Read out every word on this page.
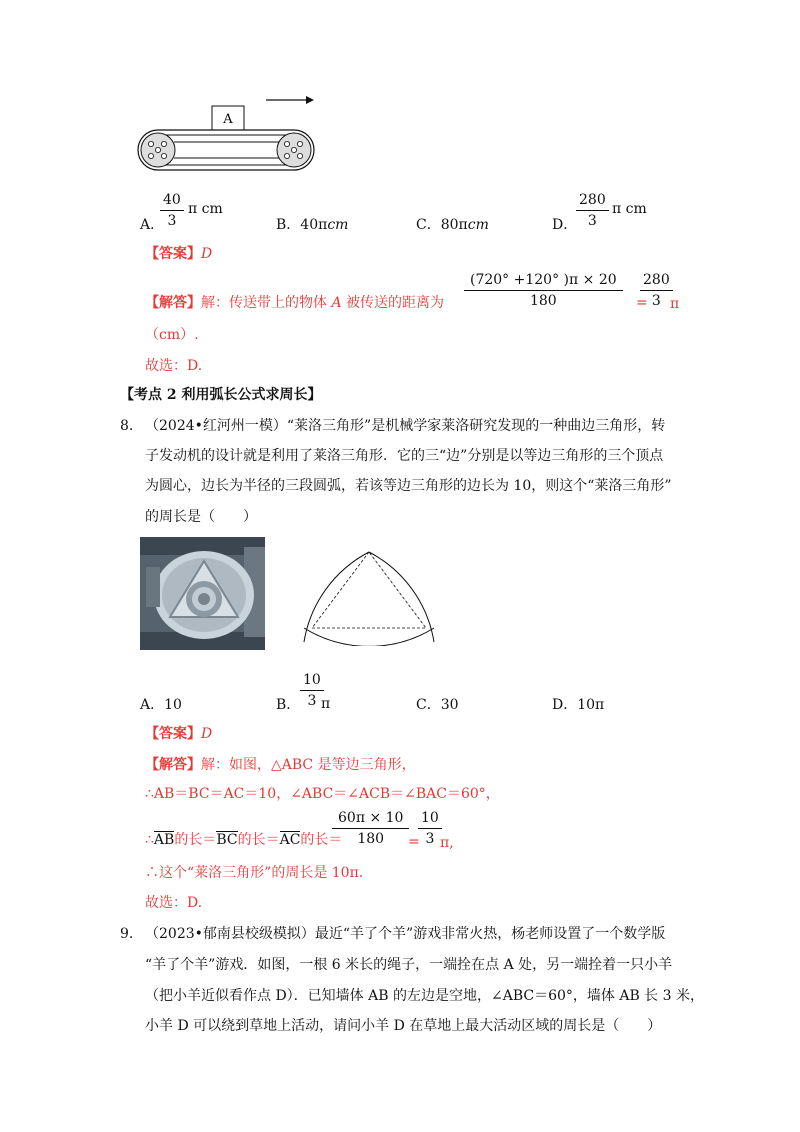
A
A．
$\frac{40}{3}$ π cm
B．40πcm	C．80πcm	D．
$\frac{280}{3}$ π cm
【答案】D
【解答】解：传送带上的物体 A 被传送的距离为 $\frac{(720^\circ +120^\circ )\pi \times 20}{180}$ =
$\frac{280}{3}$
π
（cm）.
故选：D.
【考点 2 利用弧长公式求周长】
8. （2024•红河州一模）“莱洛三角形”是机械学家莱洛研究发现的一种曲边三角形，转
子发动机的设计就是利用了莱洛三角形．它的三“边”分别是以等边三角形的三个顶点
为圆心，边长为半径的三段圆弧，若该等边三角形的边长为 10，则这个“莱洛三角形”
的周长是（　　）
A．10	B． $\frac{10}{3}$
π	C．30	D．10π
【答案】D
【解答】解：如图，△ABC 是等边三角形，
∴AB＝BC＝AC＝10，∠ABC＝∠ACB＝∠BAC＝60°，
∴AB的长＝BC的长＝AC的长＝
$\frac{60\pi \times 10}{180}$
=
$\frac{10}{3}$
π,
∴这个“莱洛三角形”的周长是 10π.
故选：D.
9. （2023•郁南县校级模拟）最近“羊了个羊”游戏非常火热，杨老师设置了一个数学版
“羊了个羊”游戏．如图，一根 6 米长的绳子，一端拴在点 A 处，另一端拴着一只小羊
（把小羊近似看作点 D）．已知墙体 AB 的左边是空地，∠ABC＝60°，墙体 AB 长 3 米，
小羊 D 可以绕到草地上活动，请问小羊 D 在草地上最大活动区域的周长是（　　）
